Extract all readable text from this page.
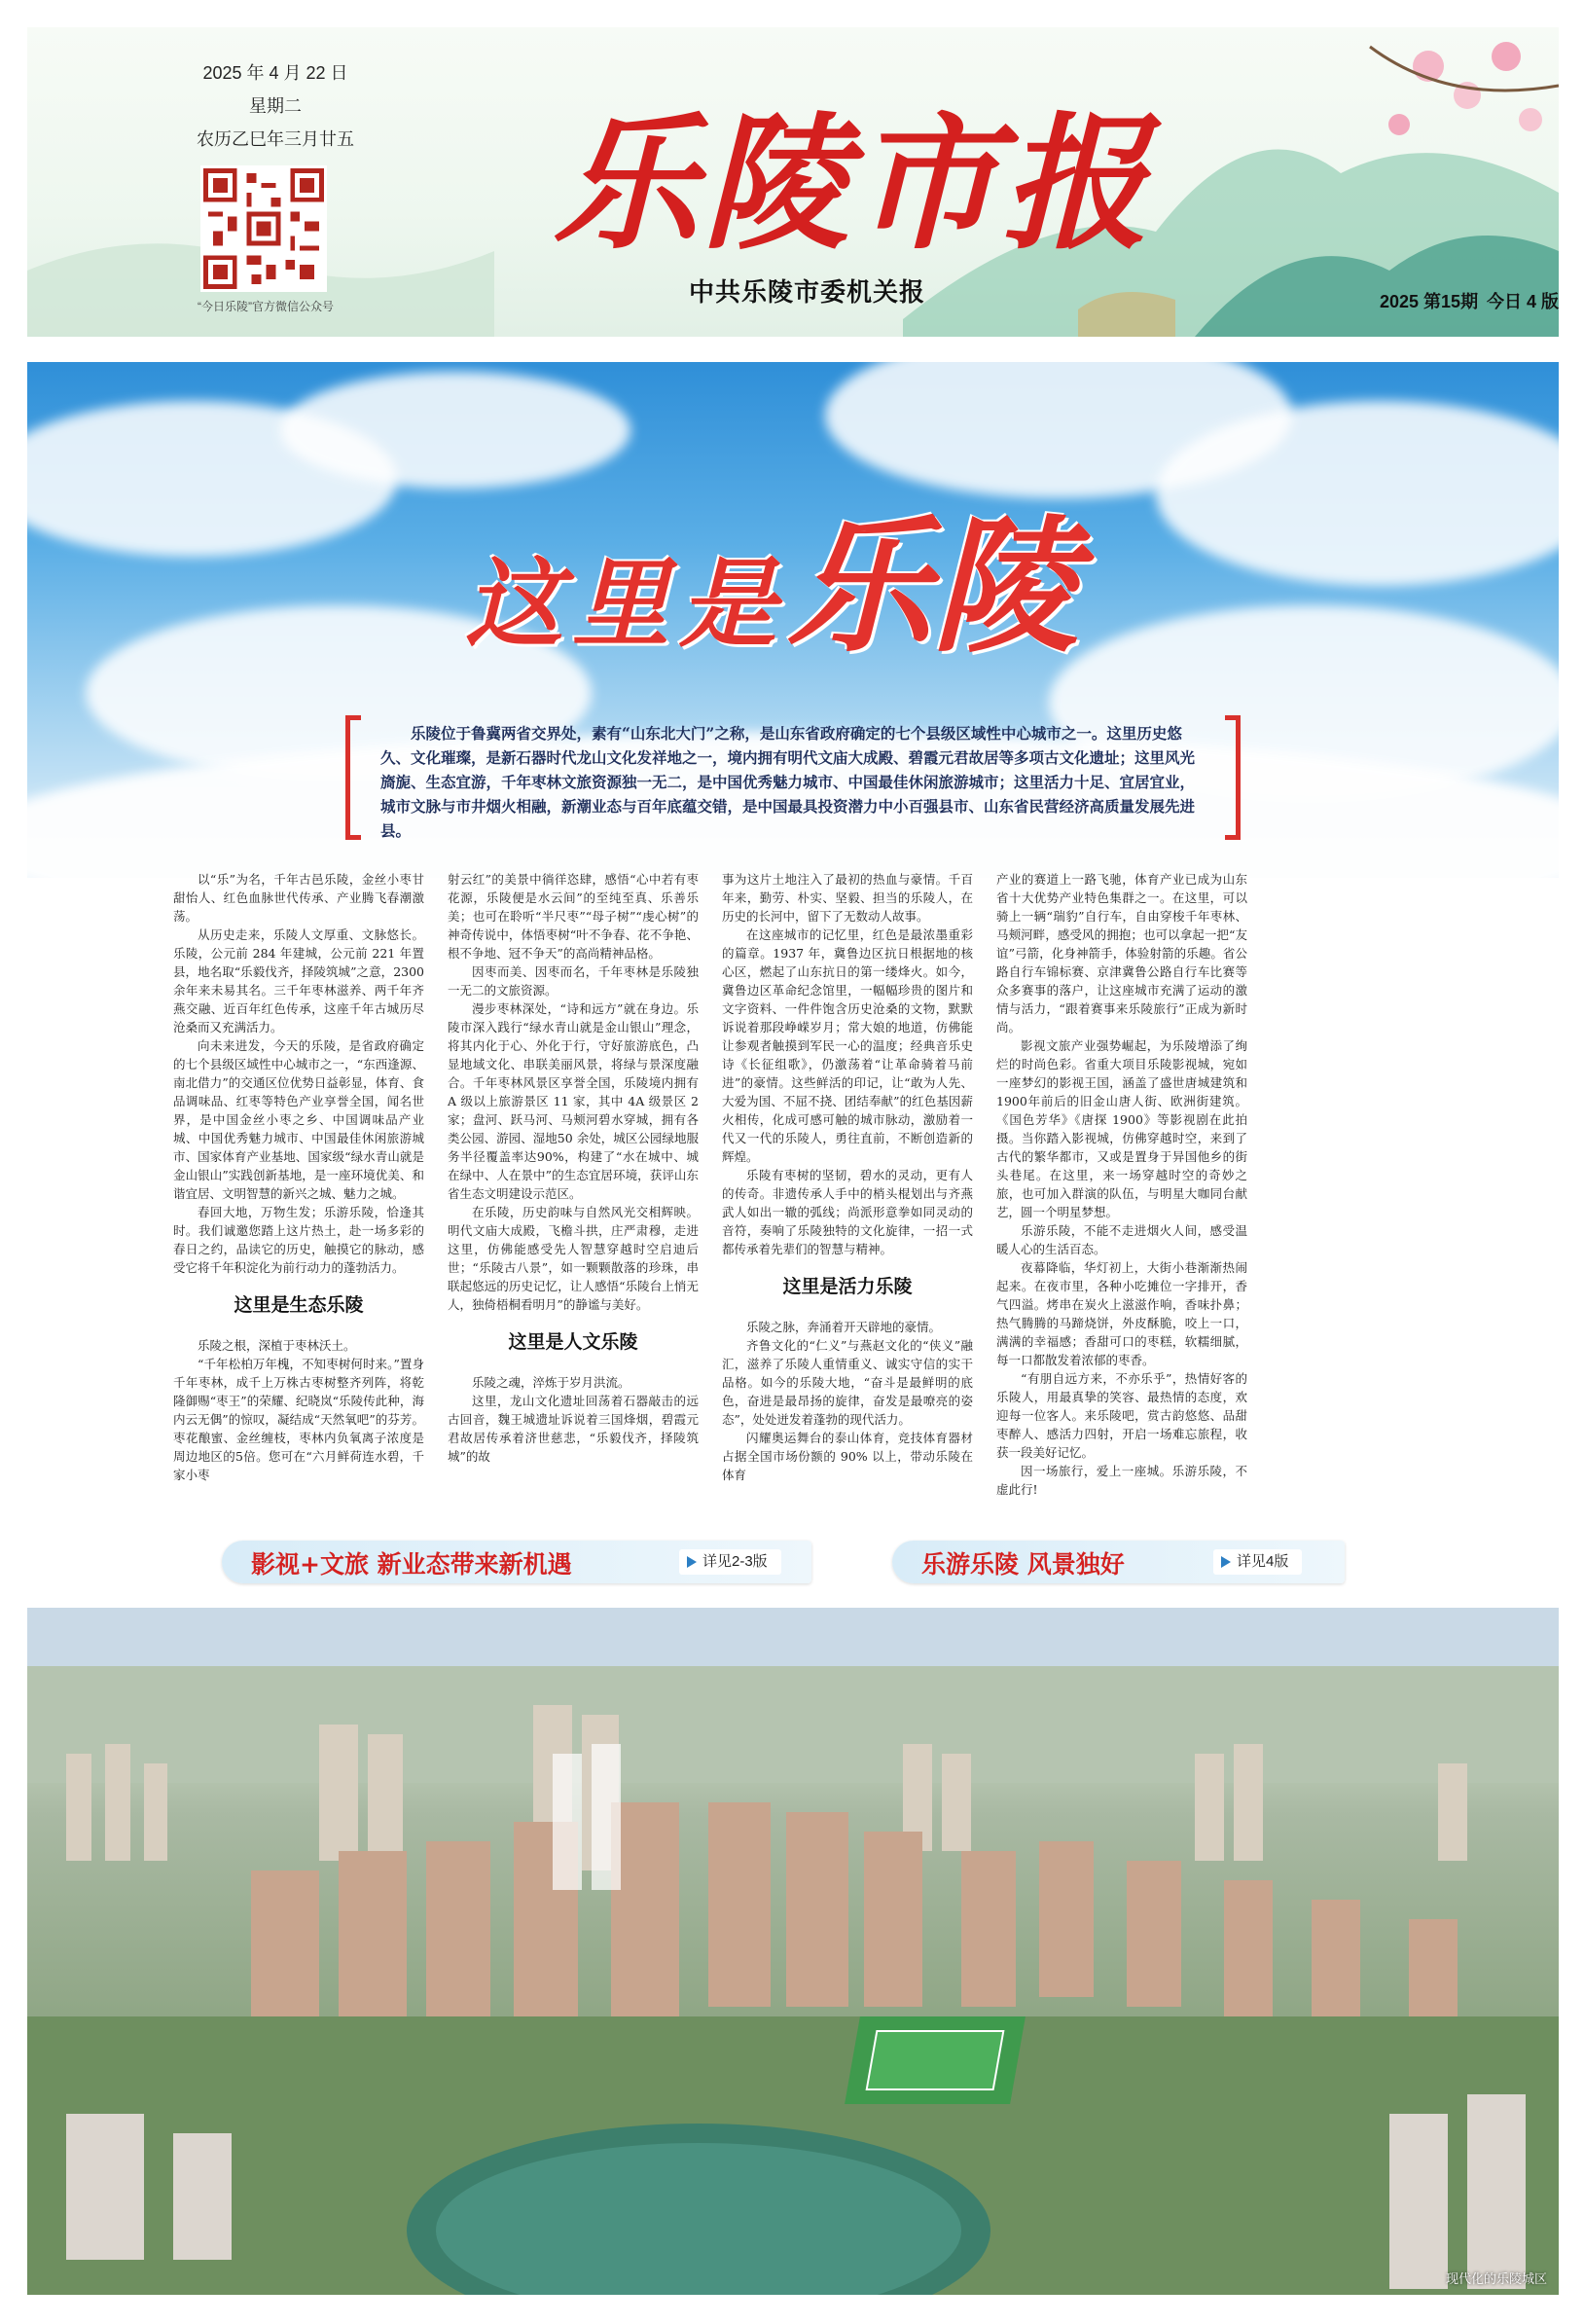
2025 年 4 月 22 日
星期二
农历乙巳年三月廿五
“今日乐陵”官方微信公众号
乐陵市报
中共乐陵市委机关报	2025 第15期 今日 4 版
这里是乐陵

乐陵位于鲁冀两省交界处，素有“山东北大门”之称，是山东省政府确定的七个县级区域性中心城市之一。这里历史悠久、文化璀璨，是新石器时代龙山文化发祥地之一，境内拥有明代文庙大成殿、碧霞元君故居等多项古文化遗址；这里风光旖旎、生态宜游，千年枣林文旅资源独一无二，是中国优秀魅力城市、中国最佳休闲旅游城市；这里活力十足、宜居宜业，城市文脉与市井烟火相融，新潮业态与百年底蕴交错，是中国最具投资潜力中小百强县市、山东省民营经济高质量发展先进县。

以“乐”为名，千年古邑乐陵，金丝小枣甘甜怡人、红色血脉世代传承、产业腾飞春潮激荡。

从历史走来，乐陵人文厚重、文脉悠长。乐陵，公元前 284 年建城，公元前 221 年置县，地名取“乐毅伐齐，择陵筑城”之意，2300 余年来未易其名。三千年枣林滋养、两千年齐燕交融、近百年红色传承，这座千年古城历尽沧桑而又充满活力。

向未来进发，今天的乐陵，是省政府确定的七个县级区域性中心城市之一，“东西逢源、南北借力”的交通区位优势日益彰显，体育、食品调味品、红枣等特色产业享誉全国，闻名世界，是中国金丝小枣之乡、中国调味品产业城、中国优秀魅力城市、中国最佳休闲旅游城市、国家体育产业基地、国家级“绿水青山就是金山银山”实践创新基地，是一座环境优美、和谐宜居、文明智慧的新兴之城、魅力之城。

春回大地，万物生发；乐游乐陵，恰逢其时。我们诚邀您踏上这片热土，赴一场多彩的春日之约，品读它的历史，触摸它的脉动，感受它将千年积淀化为前行动力的蓬勃活力。

这里是生态乐陵

乐陵之根，深植于枣林沃土。

“千年松柏万年槐，不知枣树何时来。”置身千年枣林，成千上万株古枣树整齐列阵，将乾隆御赐“枣王”的荣耀、纪晓岚“乐陵传此种，海内云无偶”的惊叹，凝结成“天然氧吧”的芬芳。枣花酿蜜、金丝缠枝，枣林内负氧离子浓度是周边地区的5倍。您可在“六月鲜荷连水碧，千家小枣

射云红”的美景中徜徉恣肆，感悟“心中若有枣花源，乐陵便是水云间”的至纯至真、乐善乐美；也可在聆听“半尺枣”“母子树”“虔心树”的神奇传说中，体悟枣树“叶不争春、花不争艳、根不争地、冠不争天”的高尚精神品格。

因枣而美、因枣而名，千年枣林是乐陵独一无二的文旅资源。

漫步枣林深处，“诗和远方”就在身边。乐陵市深入践行“绿水青山就是金山银山”理念，将其内化于心、外化于行，守好旅游底色，凸显地域文化、串联美丽风景，将绿与景深度融合。千年枣林风景区享誉全国，乐陵境内拥有 A 级以上旅游景区 11 家，其中 4A 级景区 2 家；盘河、跃马河、马颊河碧水穿城，拥有各类公园、游园、湿地50 余处，城区公园绿地服务半径覆盖率达90%，构建了“水在城中、城在绿中、人在景中”的生态宜居环境，获评山东省生态文明建设示范区。

在乐陵，历史韵味与自然风光交相辉映。明代文庙大成殿，飞檐斗拱，庄严肃穆，走进这里，仿佛能感受先人智慧穿越时空启迪后世；“乐陵古八景”，如一颗颗散落的珍珠，串联起悠远的历史记忆，让人感悟“乐陵台上悄无人，独倚梧桐看明月”的静谧与美好。

这里是人文乐陵

乐陵之魂，淬炼于岁月洪流。

这里，龙山文化遗址回荡着石器敲击的远古回音，魏王城遗址诉说着三国烽烟，碧霞元君故居传承着济世慈悲，“乐毅伐齐，择陵筑城”的故

事为这片土地注入了最初的热血与豪情。千百年来，勤劳、朴实、坚毅、担当的乐陵人，在历史的长河中，留下了无数动人故事。

在这座城市的记忆里，红色是最浓墨重彩的篇章。1937 年，冀鲁边区抗日根据地的核心区，燃起了山东抗日的第一缕烽火。如今，冀鲁边区革命纪念馆里，一幅幅珍贵的图片和文字资料、一件件饱含历史沧桑的文物，默默诉说着那段峥嵘岁月；常大娘的地道，仿佛能让参观者触摸到军民一心的温度；经典音乐史诗《长征组歌》，仍激荡着“让革命骑着马前进”的豪情。这些鲜活的印记，让“敢为人先、大爱为国、不屈不挠、团结奉献”的红色基因薪火相传，化成可感可触的城市脉动，激励着一代又一代的乐陵人，勇往直前，不断创造新的辉煌。

乐陵有枣树的坚韧，碧水的灵动，更有人的传奇。非遗传承人手中的梢头棍划出与齐燕武人如出一辙的弧线；尚派形意拳如同灵动的音符，奏响了乐陵独特的文化旋律，一招一式都传承着先辈们的智慧与精神。

这里是活力乐陵

乐陵之脉，奔涌着开天辟地的豪情。

齐鲁文化的“仁义”与燕赵文化的“侠义”融汇，滋养了乐陵人重情重义、诚实守信的实干品格。如今的乐陵大地，“奋斗是最鲜明的底色，奋进是最昂扬的旋律，奋发是最嘹亮的姿态”，处处迸发着蓬勃的现代活力。

闪耀奥运舞台的泰山体育，竞技体育器材占据全国市场份额的 90% 以上，带动乐陵在体育

产业的赛道上一路飞驰，体育产业已成为山东省十大优势产业特色集群之一。在这里，可以骑上一辆“瑞豹”自行车，自由穿梭千年枣林、马颊河畔，感受风的拥抱；也可以拿起一把“友谊”弓箭，化身神箭手，体验射箭的乐趣。省公路自行车锦标赛、京津冀鲁公路自行车比赛等众多赛事的落户，让这座城市充满了运动的激情与活力，“跟着赛事来乐陵旅行”正成为新时尚。

影视文旅产业强势崛起，为乐陵增添了绚烂的时尚色彩。省重大项目乐陵影视城，宛如一座梦幻的影视王国，涵盖了盛世唐城建筑和1900年前后的旧金山唐人街、欧洲街建筑。《国色芳华》《唐探 1900》等影视剧在此拍摄。当你踏入影视城，仿佛穿越时空，来到了古代的繁华都市，又或是置身于异国他乡的街头巷尾。在这里，来一场穿越时空的奇妙之旅，也可加入群演的队伍，与明星大咖同台献艺，圆一个明星梦想。

乐游乐陵，不能不走进烟火人间，感受温暖人心的生活百态。

夜幕降临，华灯初上，大街小巷渐渐热闹起来。在夜市里，各种小吃摊位一字排开，香气四溢。烤串在炭火上滋滋作响，香味扑鼻；热气腾腾的马蹄烧饼，外皮酥脆，咬上一口，满满的幸福感；香甜可口的枣糕，软糯细腻，每一口都散发着浓郁的枣香。

“有朋自远方来，不亦乐乎”，热情好客的乐陵人，用最真挚的笑容、最热情的态度，欢迎每一位客人。来乐陵吧，赏古韵悠悠、品甜枣醉人、感活力四射，开启一场难忘旅程，收获一段美好记忆。

因一场旅行，爱上一座城。乐游乐陵，不虚此行!

影视+文旅 新业态带来新机遇	详见2-3版	乐游乐陵 风景独好	详见4版
现代化的乐陵城区
